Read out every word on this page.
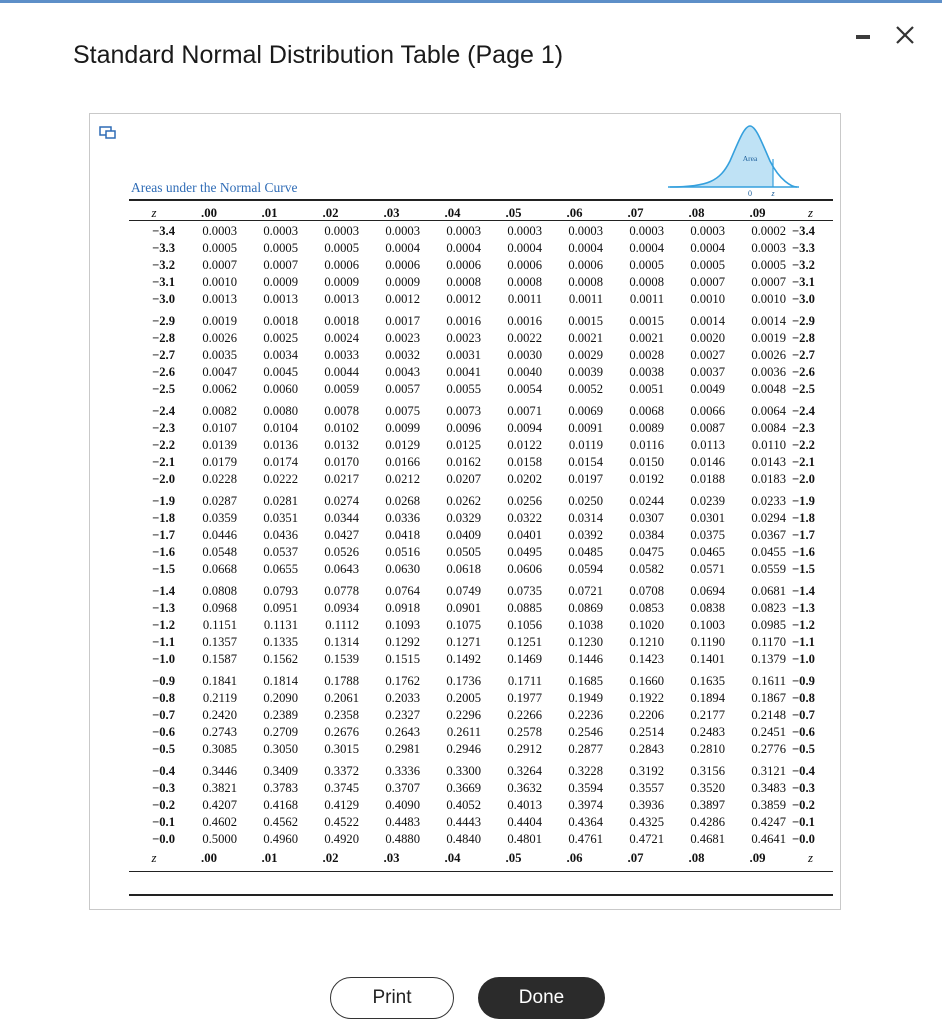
Standard Normal Distribution Table (Page 1)
Area
0 z
Areas under the Normal Curve
z	.00	.01	.02	.03	.04	.05	.06	.07	.08	.09	z
−3.4	0.0003	0.0003	0.0003	0.0003	0.0003	0.0003	0.0003	0.0003	0.0003	0.0002	−3.4
−3.3	0.0005	0.0005	0.0005	0.0004	0.0004	0.0004	0.0004	0.0004	0.0004	0.0003	−3.3
−3.2	0.0007	0.0007	0.0006	0.0006	0.0006	0.0006	0.0006	0.0005	0.0005	0.0005	−3.2
−3.1	0.0010	0.0009	0.0009	0.0009	0.0008	0.0008	0.0008	0.0008	0.0007	0.0007	−3.1
−3.0	0.0013	0.0013	0.0013	0.0012	0.0012	0.0011	0.0011	0.0011	0.0010	0.0010	−3.0
−2.9	0.0019	0.0018	0.0018	0.0017	0.0016	0.0016	0.0015	0.0015	0.0014	0.0014	−2.9
−2.8	0.0026	0.0025	0.0024	0.0023	0.0023	0.0022	0.0021	0.0021	0.0020	0.0019	−2.8
−2.7	0.0035	0.0034	0.0033	0.0032	0.0031	0.0030	0.0029	0.0028	0.0027	0.0026	−2.7
−2.6	0.0047	0.0045	0.0044	0.0043	0.0041	0.0040	0.0039	0.0038	0.0037	0.0036	−2.6
−2.5	0.0062	0.0060	0.0059	0.0057	0.0055	0.0054	0.0052	0.0051	0.0049	0.0048	−2.5
−2.4	0.0082	0.0080	0.0078	0.0075	0.0073	0.0071	0.0069	0.0068	0.0066	0.0064	−2.4
−2.3	0.0107	0.0104	0.0102	0.0099	0.0096	0.0094	0.0091	0.0089	0.0087	0.0084	−2.3
−2.2	0.0139	0.0136	0.0132	0.0129	0.0125	0.0122	0.0119	0.0116	0.0113	0.0110	−2.2
−2.1	0.0179	0.0174	0.0170	0.0166	0.0162	0.0158	0.0154	0.0150	0.0146	0.0143	−2.1
−2.0	0.0228	0.0222	0.0217	0.0212	0.0207	0.0202	0.0197	0.0192	0.0188	0.0183	−2.0
−1.9	0.0287	0.0281	0.0274	0.0268	0.0262	0.0256	0.0250	0.0244	0.0239	0.0233	−1.9
−1.8	0.0359	0.0351	0.0344	0.0336	0.0329	0.0322	0.0314	0.0307	0.0301	0.0294	−1.8
−1.7	0.0446	0.0436	0.0427	0.0418	0.0409	0.0401	0.0392	0.0384	0.0375	0.0367	−1.7
−1.6	0.0548	0.0537	0.0526	0.0516	0.0505	0.0495	0.0485	0.0475	0.0465	0.0455	−1.6
−1.5	0.0668	0.0655	0.0643	0.0630	0.0618	0.0606	0.0594	0.0582	0.0571	0.0559	−1.5
−1.4	0.0808	0.0793	0.0778	0.0764	0.0749	0.0735	0.0721	0.0708	0.0694	0.0681	−1.4
−1.3	0.0968	0.0951	0.0934	0.0918	0.0901	0.0885	0.0869	0.0853	0.0838	0.0823	−1.3
−1.2	0.1151	0.1131	0.1112	0.1093	0.1075	0.1056	0.1038	0.1020	0.1003	0.0985	−1.2
−1.1	0.1357	0.1335	0.1314	0.1292	0.1271	0.1251	0.1230	0.1210	0.1190	0.1170	−1.1
−1.0	0.1587	0.1562	0.1539	0.1515	0.1492	0.1469	0.1446	0.1423	0.1401	0.1379	−1.0
−0.9	0.1841	0.1814	0.1788	0.1762	0.1736	0.1711	0.1685	0.1660	0.1635	0.1611	−0.9
−0.8	0.2119	0.2090	0.2061	0.2033	0.2005	0.1977	0.1949	0.1922	0.1894	0.1867	−0.8
−0.7	0.2420	0.2389	0.2358	0.2327	0.2296	0.2266	0.2236	0.2206	0.2177	0.2148	−0.7
−0.6	0.2743	0.2709	0.2676	0.2643	0.2611	0.2578	0.2546	0.2514	0.2483	0.2451	−0.6
−0.5	0.3085	0.3050	0.3015	0.2981	0.2946	0.2912	0.2877	0.2843	0.2810	0.2776	−0.5
−0.4	0.3446	0.3409	0.3372	0.3336	0.3300	0.3264	0.3228	0.3192	0.3156	0.3121	−0.4
−0.3	0.3821	0.3783	0.3745	0.3707	0.3669	0.3632	0.3594	0.3557	0.3520	0.3483	−0.3
−0.2	0.4207	0.4168	0.4129	0.4090	0.4052	0.4013	0.3974	0.3936	0.3897	0.3859	−0.2
−0.1	0.4602	0.4562	0.4522	0.4483	0.4443	0.4404	0.4364	0.4325	0.4286	0.4247	−0.1
−0.0	0.5000	0.4960	0.4920	0.4880	0.4840	0.4801	0.4761	0.4721	0.4681	0.4641	−0.0
z	.00	.01	.02	.03	.04	.05	.06	.07	.08	.09	z
Print	Done
